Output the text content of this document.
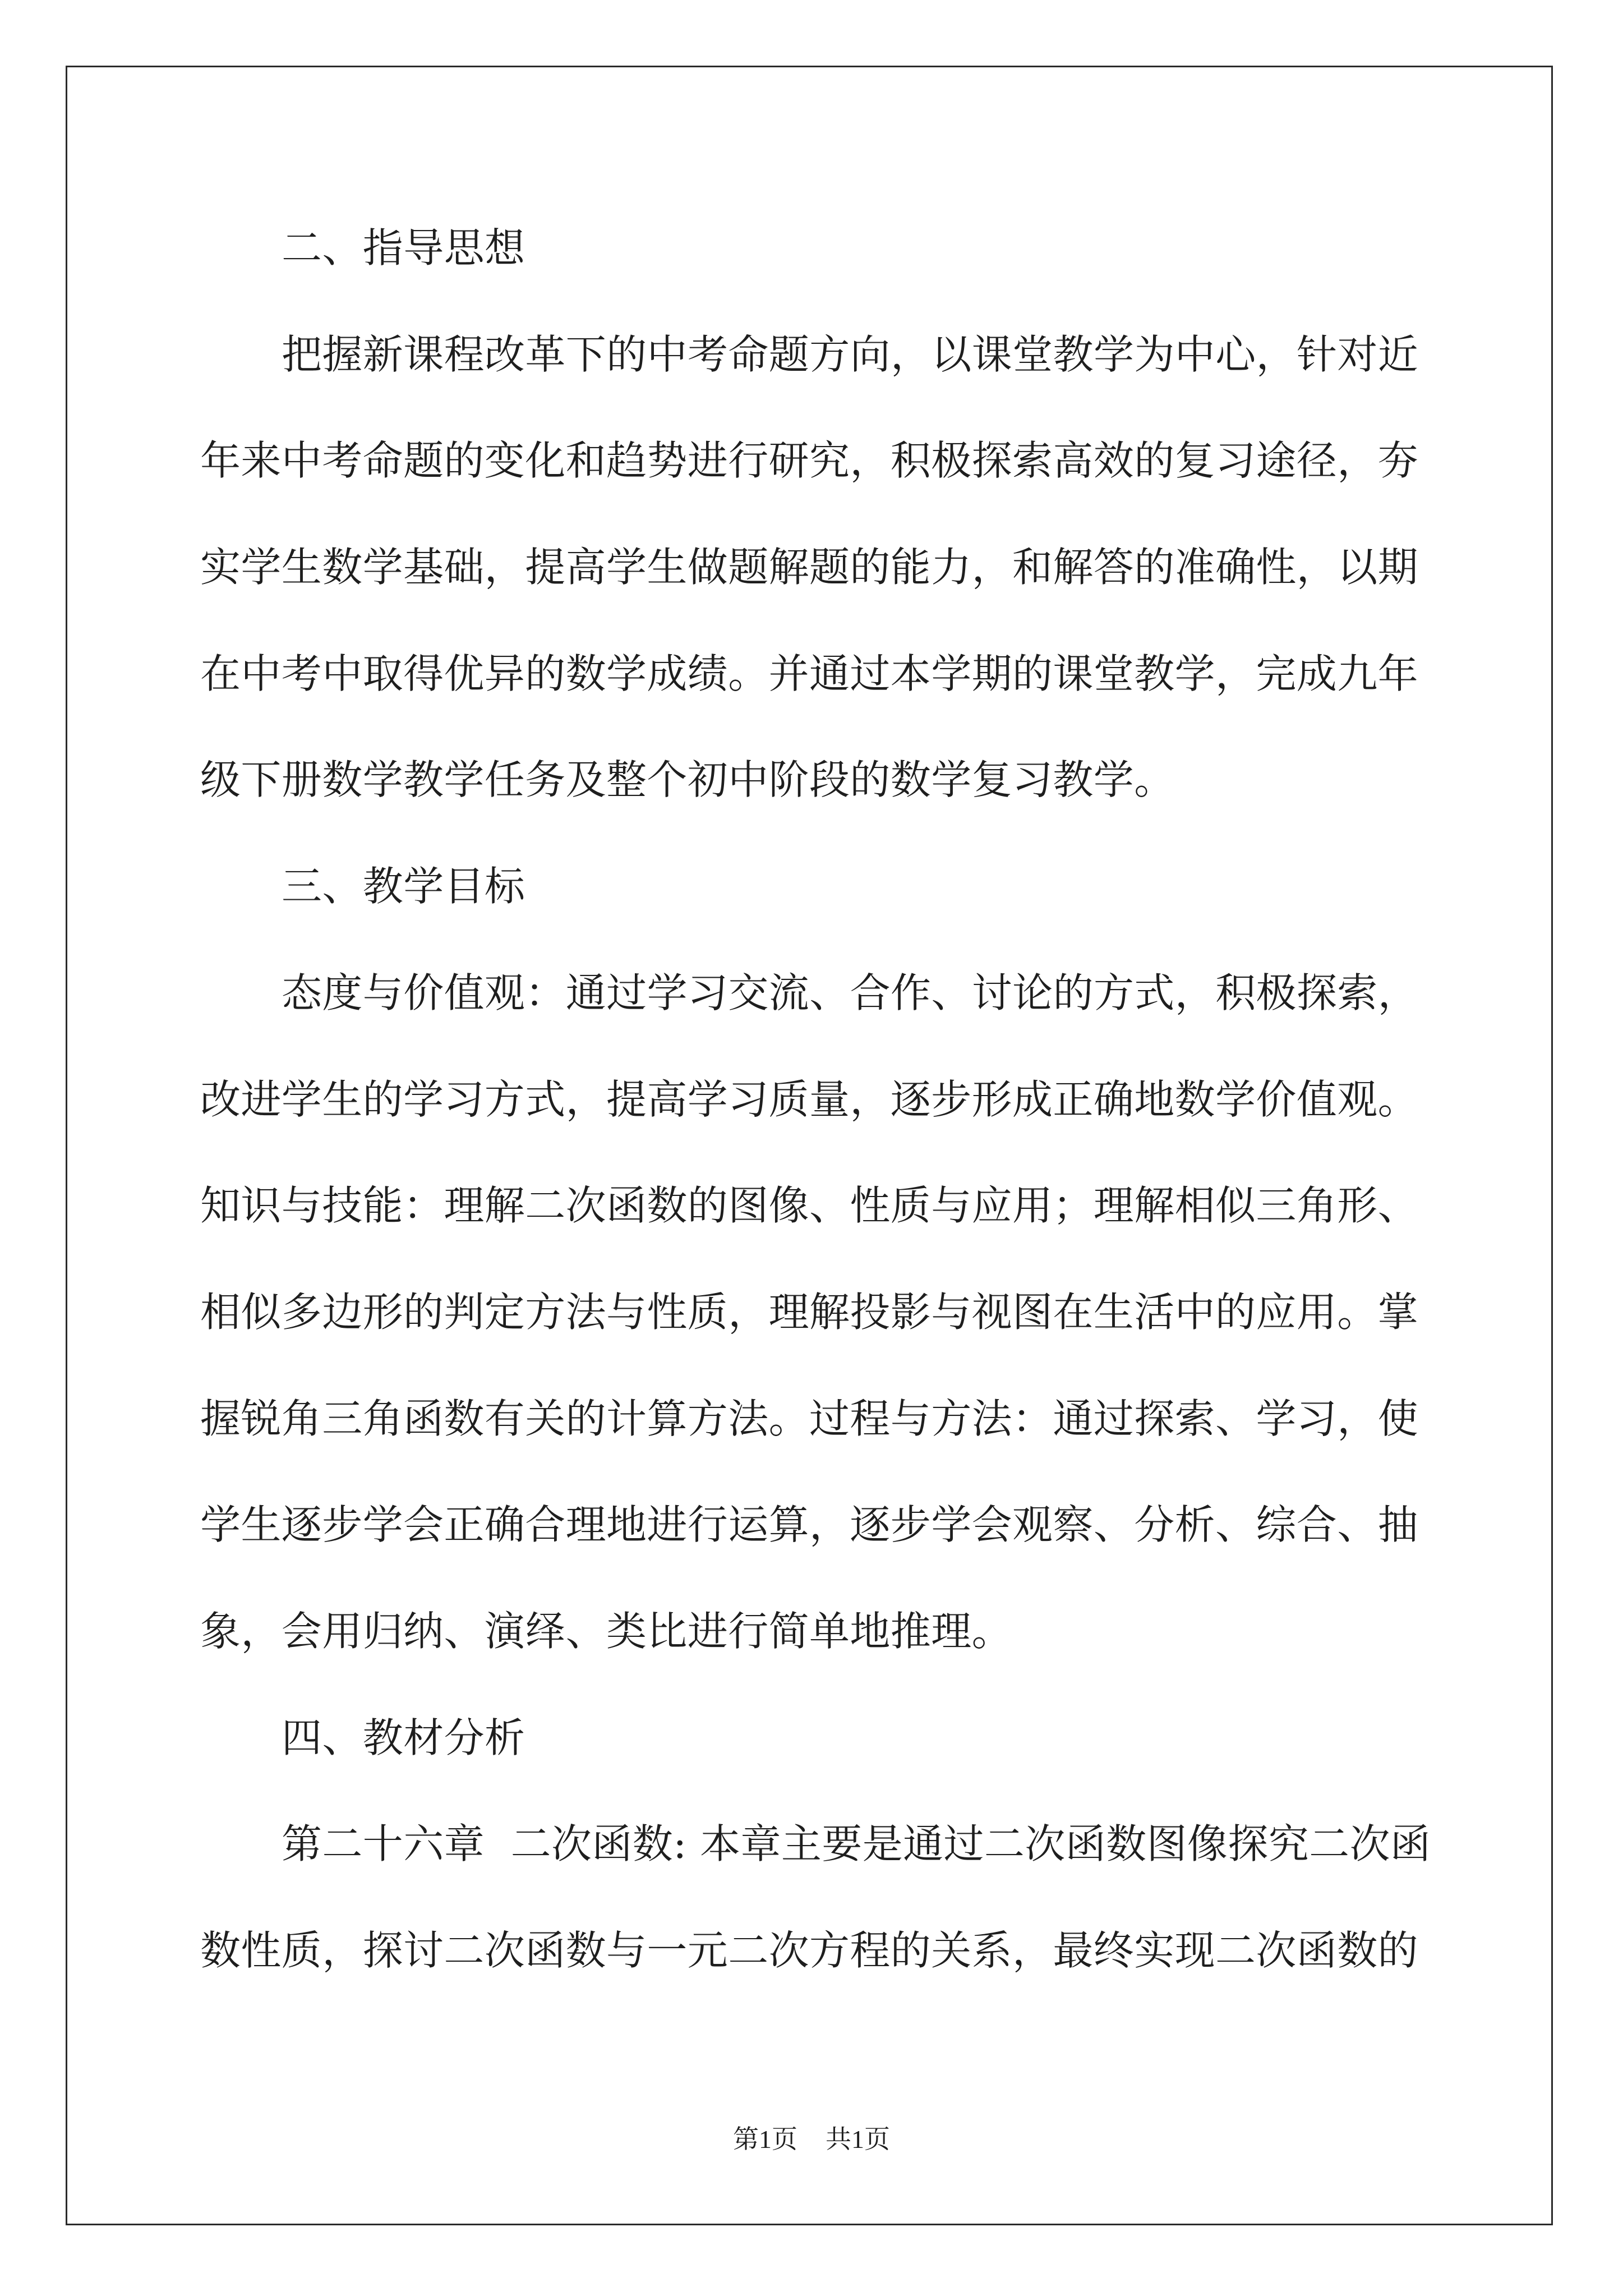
二、指导思想
把握新课程改革下的中考命题方向，以课堂教学为中心，针对近
年来中考命题的变化和趋势进行研究，积极探索高效的复习途径，夯
实学生数学基础，提高学生做题解题的能力，和解答的准确性，以期
在中考中取得优异的数学成绩。并通过本学期的课堂教学，完成九年
级下册数学教学任务及整个初中阶段的数学复习教学。
三、教学目标
态度与价值观：通过学习交流、合作、讨论的方式，积极探索，
改进学生的学习方式，提高学习质量，逐步形成正确地数学价值观。
知识与技能：理解二次函数的图像、性质与应用；理解相似三角形、
相似多边形的判定方法与性质，理解投影与视图在生活中的应用。掌
握锐角三角函数有关的计算方法。过程与方法：通过探索、学习，使
学生逐步学会正确合理地进行运算，逐步学会观察、分析、综合、抽
象，会用归纳、演绎、类比进行简单地推理。
四、教材分析
第二十六章  二次函数: 本章主要是通过二次函数图像探究二次函
数性质，探讨二次函数与一元二次方程的关系，最终实现二次函数的
第1页 共1页
